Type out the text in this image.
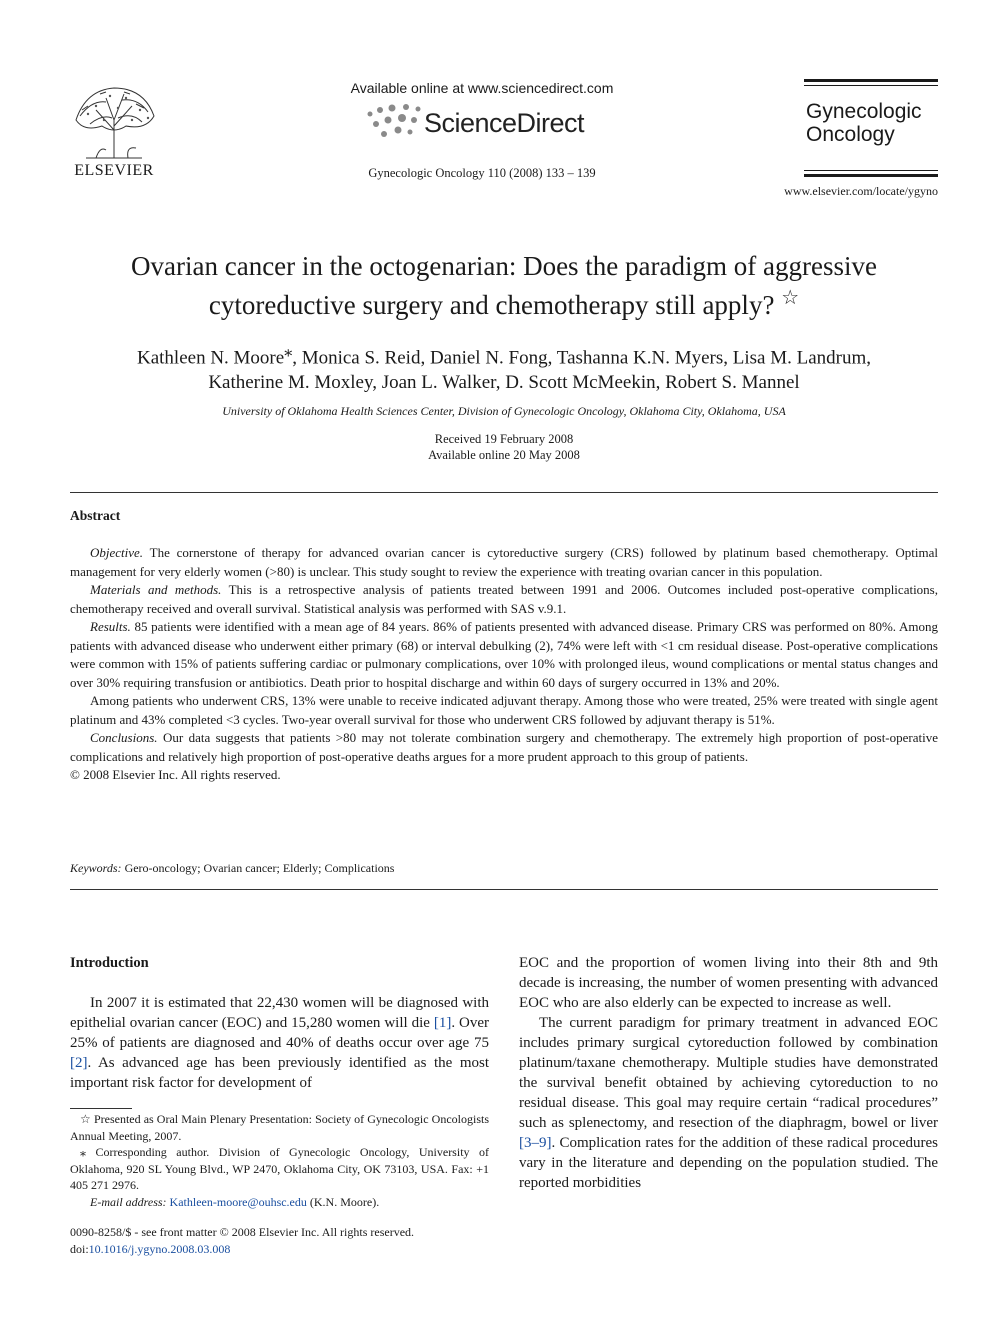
ELSEVIER
Available online at www.sciencedirect.com
ScienceDirect
Gynecologic Oncology 110 (2008) 133 – 139
Gynecologic
Oncology
www.elsevier.com/locate/ygyno
Ovarian cancer in the octogenarian: Does the paradigm of aggressive
cytoreductive surgery and chemotherapy still apply? ☆
Kathleen N. Moore⁎, Monica S. Reid, Daniel N. Fong, Tashanna K.N. Myers, Lisa M. Landrum,
Katherine M. Moxley, Joan L. Walker, D. Scott McMeekin, Robert S. Mannel
University of Oklahoma Health Sciences Center, Division of Gynecologic Oncology, Oklahoma City, Oklahoma, USA
Received 19 February 2008
Available online 20 May 2008
Abstract

Objective. The cornerstone of therapy for advanced ovarian cancer is cytoreductive surgery (CRS) followed by platinum based chemotherapy. Optimal management for very elderly women (>80) is unclear. This study sought to review the experience with treating ovarian cancer in this population.

Materials and methods. This is a retrospective analysis of patients treated between 1991 and 2006. Outcomes included post-operative complications, chemotherapy received and overall survival. Statistical analysis was performed with SAS v.9.1.

Results. 85 patients were identified with a mean age of 84 years. 86% of patients presented with advanced disease. Primary CRS was performed on 80%. Among patients with advanced disease who underwent either primary (68) or interval debulking (2), 74% were left with <1 cm residual disease. Post-operative complications were common with 15% of patients suffering cardiac or pulmonary complications, over 10% with prolonged ileus, wound complications or mental status changes and over 30% requiring transfusion or antibiotics. Death prior to hospital discharge and within 60 days of surgery occurred in 13% and 20%.

Among patients who underwent CRS, 13% were unable to receive indicated adjuvant therapy. Among those who were treated, 25% were treated with single agent platinum and 43% completed <3 cycles. Two-year overall survival for those who underwent CRS followed by adjuvant therapy is 51%.

Conclusions. Our data suggests that patients >80 may not tolerate combination surgery and chemotherapy. The extremely high proportion of post-operative complications and relatively high proportion of post-operative deaths argues for a more prudent approach to this group of patients.

© 2008 Elsevier Inc. All rights reserved.

Keywords: Gero-oncology; Ovarian cancer; Elderly; Complications
Introduction

In 2007 it is estimated that 22,430 women will be diagnosed with epithelial ovarian cancer (EOC) and 15,280 women will die [1]. Over 25% of patients are diagnosed and 40% of deaths occur over age 75 [2]. As advanced age has been previously identified as the most important risk factor for development of

EOC and the proportion of women living into their 8th and 9th decade is increasing, the number of women presenting with advanced EOC who are also elderly can be expected to increase as well.

The current paradigm for primary treatment in advanced EOC includes primary surgical cytoreduction followed by combination platinum/taxane chemotherapy. Multiple studies have demonstrated the survival benefit obtained by achieving cytoreduction to no residual disease. This goal may require certain “radical procedures” such as splenectomy, and resection of the diaphragm, bowel or liver [3–9]. Complication rates for the addition of these radical procedures vary in the literature and depending on the population studied. The reported morbidities

☆ Presented as Oral Main Plenary Presentation: Society of Gynecologic Oncologists Annual Meeting, 2007.

⁎ Corresponding author. Division of Gynecologic Oncology, University of Oklahoma, 920 SL Young Blvd., WP 2470, Oklahoma City, OK 73103, USA. Fax: +1 405 271 2976.

E-mail address: Kathleen-moore@ouhsc.edu (K.N. Moore).

0090-8258/$ - see front matter © 2008 Elsevier Inc. All rights reserved.

doi:10.1016/j.ygyno.2008.03.008
